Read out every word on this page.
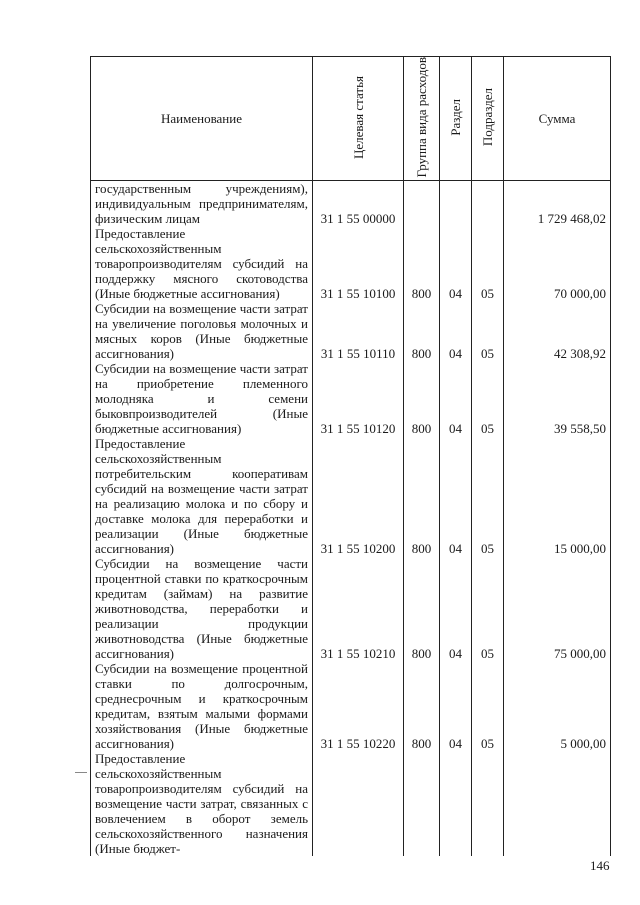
Наименование	Целевая статья	Группа вида расходов	Раздел	Подраздел	Сумма
государственным учреждениям), индивидуальным предпринимателям, физическим лицам	31 1 55 00000				1 729 468,02
Предоставление сельскохозяйственным товаропроизводителям субсидий на поддержку мясного скотоводства (Иные бюджетные ассигнования)	31 1 55 10100	800	04	05	70 000,00
Субсидии на возмещение части затрат на увеличение поголовья молочных и мясных коров (Иные бюджетные ассигнования)	31 1 55 10110	800	04	05	42 308,92
Субсидии на возмещение части затрат на приобретение племенного молодняка и семени быковпроизводителей (Иные бюджетные ассигнования)	31 1 55 10120	800	04	05	39 558,50
Предоставление сельскохозяйственным потребительским кооперативам субсидий на возмещение части затрат на реализацию молока и по сбору и доставке молока для переработки и реализации (Иные бюджетные ассигнования)	31 1 55 10200	800	04	05	15 000,00
Субсидии на возмещение части процентной ставки по краткосрочным кредитам (займам) на развитие животноводства, переработки и реализации продукции животноводства (Иные бюджетные ассигнования)	31 1 55 10210	800	04	05	75 000,00
Субсидии на возмещение процентной ставки по долгосрочным, среднесрочным и краткосрочным кредитам, взятым малыми формами хозяйствования (Иные бюджетные ассигнования)	31 1 55 10220	800	04	05	5 000,00
Предоставление сельскохозяйственным товаропроизводителям субсидий на возмещение части затрат, связанных с вовлечением в оборот земель сельскохозяйственного назначения (Иные бюджет-					
146
